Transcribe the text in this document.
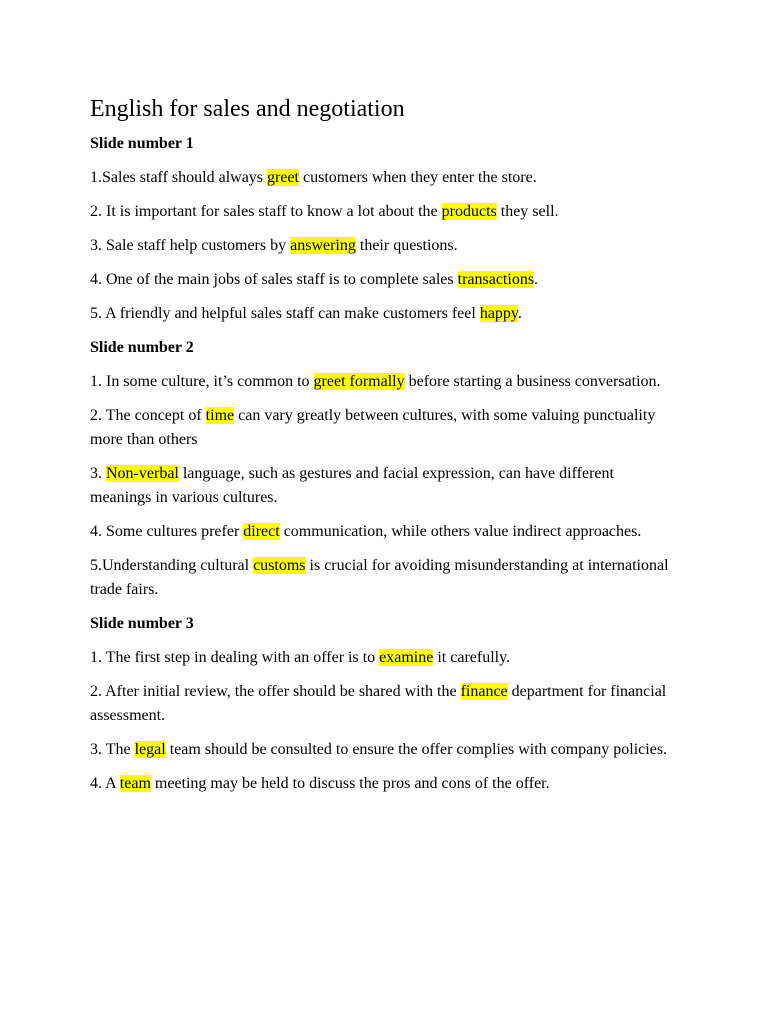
English for sales and negotiation
Slide number 1

1.Sales staff should always greet customers when they enter the store.

2. It is important for sales staff to know a lot about the products they sell.

3. Sale staff help customers by answering their questions.

4. One of the main jobs of sales staff is to complete sales transactions.

5. A friendly and helpful sales staff can make customers feel happy.

Slide number 2

1. In some culture, it’s common to greet formally before starting a business conversation.

2. The concept of time can vary greatly between cultures, with some valuing punctuality more than others

3. Non-verbal language, such as gestures and facial expression, can have different meanings in various cultures.

4. Some cultures prefer direct communication, while others value indirect approaches.

5.Understanding cultural customs is crucial for avoiding misunderstanding at international trade fairs.

Slide number 3

1. The first step in dealing with an offer is to examine it carefully.

2. After initial review, the offer should be shared with the finance department for financial assessment.

3. The legal team should be consulted to ensure the offer complies with company policies.

4. A team meeting may be held to discuss the pros and cons of the offer.
